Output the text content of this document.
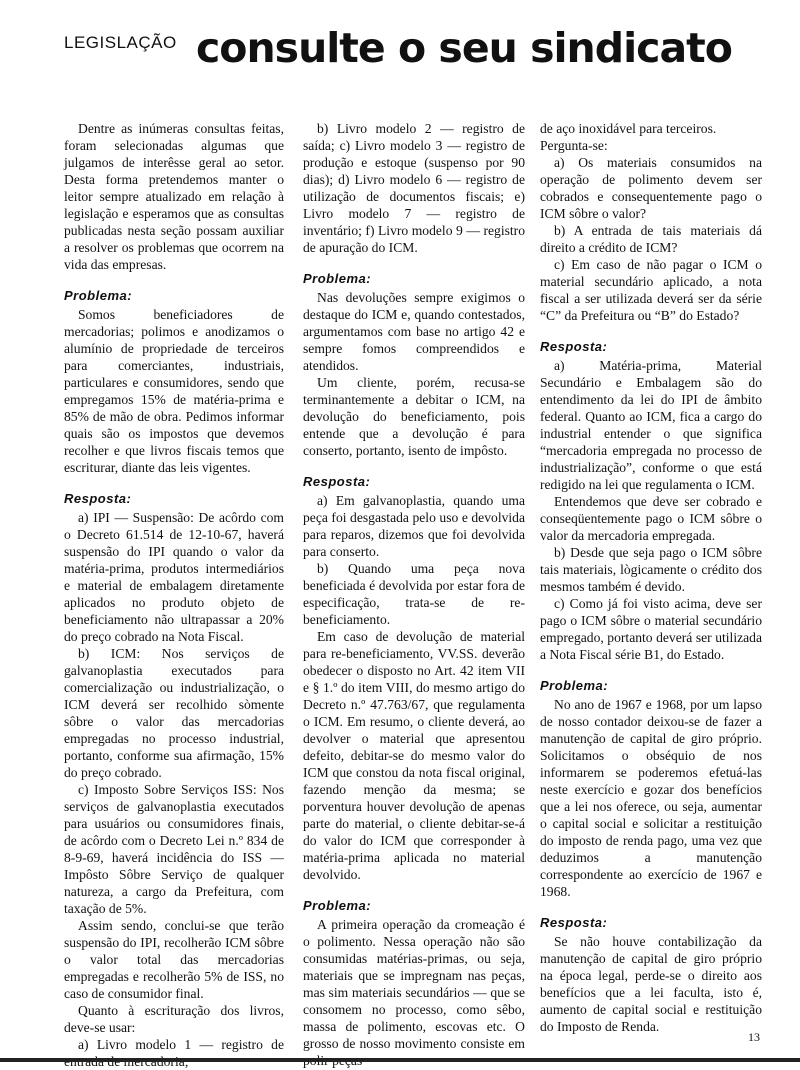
LEGISLAÇÃO consulte o seu sindicato

Dentre as inúmeras consultas feitas, foram selecionadas algumas que julgamos de interêsse geral ao setor. Desta forma pretendemos manter o leitor sempre atualizado em relação à legislação e esperamos que as consultas publicadas nesta seção possam auxiliar a resolver os problemas que ocorrem na vida das empresas.

Problema:

Somos beneficiadores de mercadorias; polimos e anodizamos o alumínio de propriedade de terceiros para comerciantes, industriais, particulares e consumidores, sendo que empregamos 15% de matéria-prima e 85% de mão de obra. Pedimos informar quais são os impostos que devemos recolher e que livros fiscais temos que escriturar, diante das leis vigentes.

Resposta:

a) IPI — Suspensão: De acôrdo com o Decreto 61.514 de 12-10-67, haverá suspensão do IPI quando o valor da matéria-prima, produtos intermediários e material de embalagem diretamente aplicados no produto objeto de beneficiamento não ultrapassar a 20% do preço cobrado na Nota Fiscal.

b) ICM: Nos serviços de galvanoplastia executados para comercialização ou industrialização, o ICM deverá ser recolhido sòmente sôbre o valor das mercadorias empregadas no processo industrial, portanto, conforme sua afirmação, 15% do preço cobrado.

c) Imposto Sobre Serviços ISS: Nos serviços de galvanoplastia executados para usuários ou consumidores finais, de acôrdo com o Decreto Lei n.º 834 de 8-9-69, haverá incidência do ISS — Impôsto Sôbre Serviço de qualquer natureza, a cargo da Prefeitura, com taxação de 5%.

Assim sendo, conclui-se que terão suspensão do IPI, recolherão ICM sôbre o valor total das mercadorias empregadas e recolherão 5% de ISS, no caso de consumidor final.

Quanto à escrituração dos livros, deve-se usar:

a) Livro modelo 1 — registro de

b) Livro modelo 2 — registro de saída; c) Livro modelo 3 — registro de produção e estoque (suspenso por 90 dias); d) Livro modelo 6 — registro de utilização de documentos fiscais; e) Livro modelo 7 — registro de inventário; f) Livro modelo 9 — registro de apuração do ICM.

Problema:

Nas devoluções sempre exigimos o destaque do ICM e, quando contestados, argumentamos com base no artigo 42 e sempre fomos compreendidos e atendidos.

Um cliente, porém, recusa-se terminantemente a debitar o ICM, na devolução do beneficiamento, pois entende que a devolução é para conserto, portanto, isento de impôsto.

Resposta:

a) Em galvanoplastia, quando uma peça foi desgastada pelo uso e devolvida para reparos, dizemos que foi devolvida para conserto.

b) Quando uma peça nova beneficiada é devolvida por estar fora de especificação, trata-se de re-beneficiamento.

Em caso de devolução de material para re-beneficiamento, VV.SS. deverão obedecer o disposto no Art. 42 item VII e § 1.º do item VIII, do mesmo artigo do Decreto n.º 47.763/67, que regulamenta o ICM. Em resumo, o cliente deverá, ao devolver o material que apresentou defeito, debitar-se do mesmo valor do ICM que constou da nota fiscal original, fazendo menção da mesma; se porventura houver devolução de apenas parte do material, o cliente debitar-se-á do valor do ICM que corresponder à matéria-prima aplicada no material devolvido.

Problema:

A primeira operação da cromeação é o polimento. Nessa operação não são consumidas matérias-primas, ou seja, materiais que se impregnam nas peças, mas sim materiais secundários — que se consomem no processo, como sêbo, massa de polimento, escovas etc. O grosso de nosso movimento consiste em

de aço inoxidável para terceiros.

Pergunta-se:

a) Os materiais consumidos na operação de polimento devem ser cobrados e consequentemente pago o ICM sôbre o valor?

b) A entrada de tais materiais dá direito a crédito de ICM?

c) Em caso de não pagar o ICM o material secundário aplicado, a nota fiscal a ser utilizada deverá ser da série “C” da Prefeitura ou “B” do Estado?

Resposta:

a) Matéria-prima, Material Secundário e Embalagem são do entendimento da lei do IPI de âmbito federal. Quanto ao ICM, fica a cargo do industrial entender o que significa “mercadoria empregada no processo de industrialização”, conforme o que está redigido na lei que regulamenta o ICM.

Entendemos que deve ser cobrado e conseqüentemente pago o ICM sôbre o valor da mercadoria empregada.

b) Desde que seja pago o ICM sôbre tais materiais, lògicamente o crédito dos mesmos também é devido.

c) Como já foi visto acima, deve ser pago o ICM sôbre o material secundário empregado, portanto deverá ser utilizada a Nota Fiscal série B1, do Estado.

Problema:

No ano de 1967 e 1968, por um lapso de nosso contador deixou-se de fazer a manutenção de capital de giro próprio. Solicitamos o obséquio de nos informarem se poderemos efetuá-las neste exercício e gozar dos benefícios que a lei nos oferece, ou seja, aumentar o capital social e solicitar a restituição do imposto de renda pago, uma vez que deduzimos a manutenção correspondente ao exercício de 1967 e 1968.

Resposta:

Se não houve contabilização da manutenção de capital de giro próprio na época legal, perde-se o direito aos benefícios que a lei faculta, isto é, aumento de capital social e restituição do Imposto de Renda.

13
